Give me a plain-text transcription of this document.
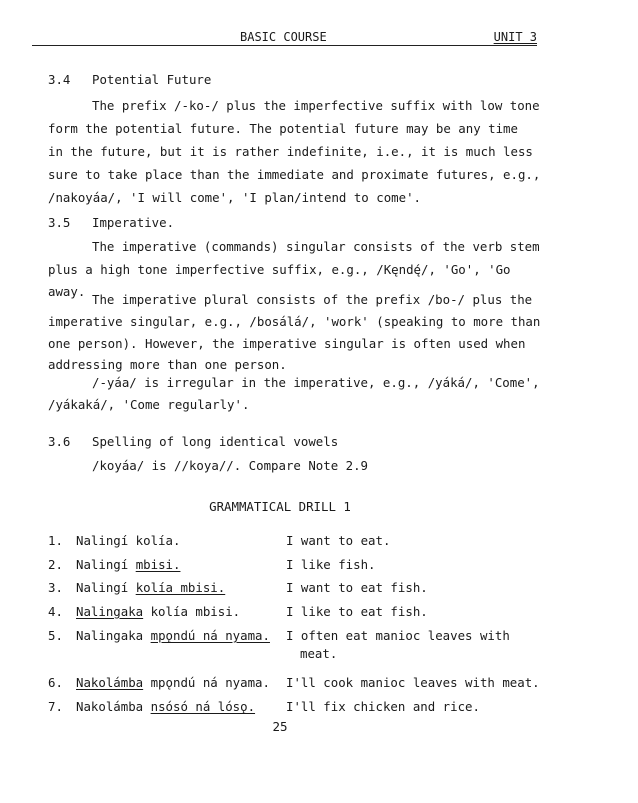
BASIC COURSE	UNIT 3
3.4 Potential Future
The prefix /-ko-/ plus the imperfective suffix with low tone
form the potential future. The potential future may be any time
in the future, but it is rather indefinite, i.e., it is much less
sure to take place than the immediate and proximate futures, e.g.,
/nakoyáa/, 'I will come', 'I plan/intend to come'.
3.5 Imperative.
The imperative (commands) singular consists of the verb stem
plus a high tone imperfective suffix, e.g., /Kęndę́/, 'Go', 'Go
away.
The imperative plural consists of the prefix /bo-/ plus the
imperative singular, e.g., /bosálá/, 'work' (speaking to more than
one person). However, the imperative singular is often used when
addressing more than one person.
/-yáa/ is irregular in the imperative, e.g., /yáká/, 'Come',
/yákaká/, 'Come regularly'.
3.6 Spelling of long identical vowels
/koyáa/ is //koya//. Compare Note 2.9
GRAMMATICAL DRILL 1
1. Nalingí kolía.	I want to eat.
2. Nalingí mbisi.	I like fish.
3. Nalingí kolía mbisi.	I want to eat fish.
4. Nalingaka kolía mbisi.	I like to eat fish.
5. Nalingaka mpǫndú ná nyama. I often eat manioc leaves with
meat.
6. Nakolámba mpǫndú ná nyama. I'll cook manioc leaves with meat.
7. Nakolámba nsósó ná lósǫ. I'll fix chicken and rice.
25
